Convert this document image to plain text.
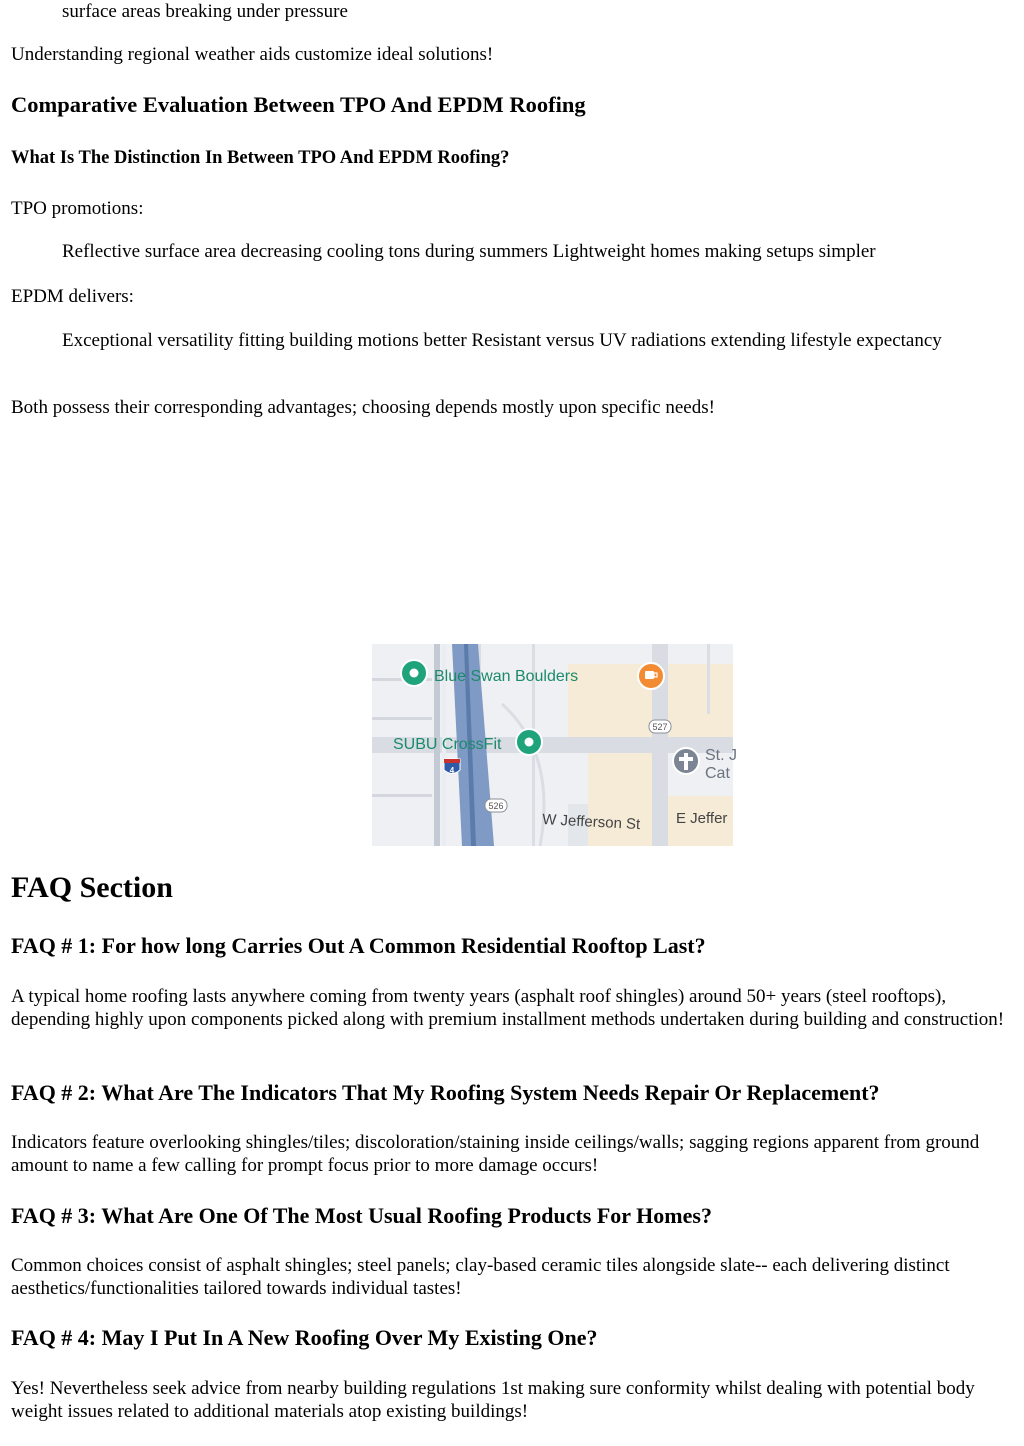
surface areas breaking under pressure

Understanding regional weather aids customize ideal solutions!

Comparative Evaluation Between TPO And EPDM Roofing
What Is The Distinction In Between TPO And EPDM Roofing?

TPO promotions:

Reflective surface area decreasing cooling tons during summers Lightweight homes making setups simpler

EPDM delivers:

Exceptional versatility fitting building motions better Resistant versus UV radiations extending lifestyle expectancy

Both possess their corresponding advantages; choosing depends mostly upon specific needs!

4
527
526
Blue Swan Boulders
SUBU CrossFit
St. J
Cat
W Jefferson St E Jeffer
FAQ Section
FAQ # 1: For how long Carries Out A Common Residential Rooftop Last?

A typical home roofing lasts anywhere coming from twenty years (asphalt roof shingles) around 50+ years (steel rooftops), depending highly upon components picked along with premium installment methods undertaken during building and construction!

FAQ # 2: What Are The Indicators That My Roofing System Needs Repair Or Replacement?

Indicators feature overlooking shingles/tiles; discoloration/staining inside ceilings/walls; sagging regions apparent from ground amount to name a few calling for prompt focus prior to more damage occurs!

FAQ # 3: What Are One Of The Most Usual Roofing Products For Homes?

Common choices consist of asphalt shingles; steel panels; clay-based ceramic tiles alongside slate-- each delivering distinct aesthetics/functionalities tailored towards individual tastes!

FAQ # 4: May I Put In A New Roofing Over My Existing One?

Yes! Nevertheless seek advice from nearby building regulations 1st making sure conformity whilst dealing with potential body weight issues related to additional materials atop existing buildings!
